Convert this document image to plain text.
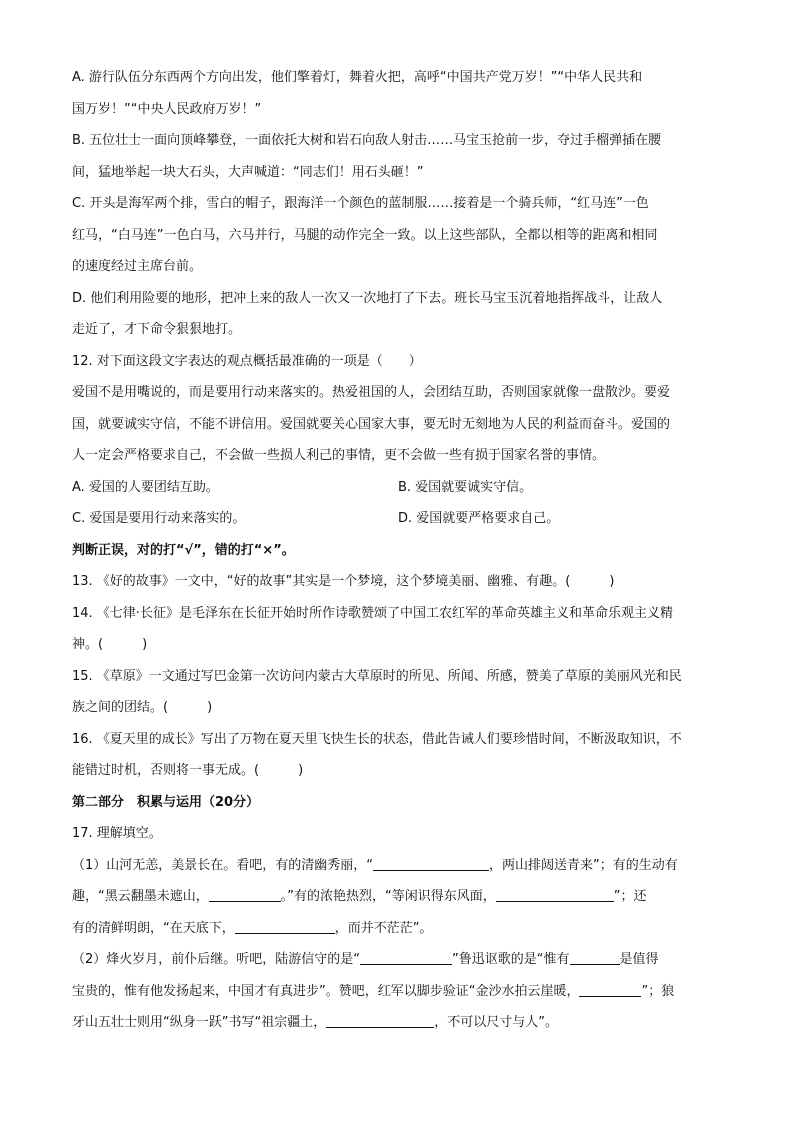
A. 游行队伍分东西两个方向出发，他们擎着灯，舞着火把，高呼“中国共产党万岁！”“中华人民共和

国万岁！”“中央人民政府万岁！”

B. 五位壮士一面向顶峰攀登，一面依托大树和岩石向敌人射击……马宝玉抢前一步，夺过手榴弹插在腰

间，猛地举起一块大石头，大声喊道：“同志们！用石头砸！”

C. 开头是海军两个排，雪白的帽子，跟海洋一个颜色的蓝制服……接着是一个骑兵师，“红马连”一色

红马，“白马连”一色白马，六马并行，马腿的动作完全一致。以上这些部队，全都以相等的距离和相同

的速度经过主席台前。

D. 他们利用险要的地形，把冲上来的敌人一次又一次地打了下去。班长马宝玉沉着地指挥战斗，让敌人

走近了，才下命令狠狠地打。

12. 对下面这段文字表达的观点概括最准确的一项是（　　）

爱国不是用嘴说的，而是要用行动来落实的。热爱祖国的人，会团结互助，否则国家就像一盘散沙。要爱

国，就要诚实守信，不能不讲信用。爱国就要关心国家大事，要无时无刻地为人民的利益而奋斗。爱国的

人一定会严格要求自己，不会做一些损人利己的事情，更不会做一些有损于国家名誉的事情。

A. 爱国的人要团结互助。	B. 爱国就要诚实守信。
C. 爱国是要用行动来落实的。	D. 爱国就要严格要求自己。

判断正误，对的打“√”，错的打“×”。

13. 《好的故事》一文中，“好的故事”其实是一个梦境，这个梦境美丽、幽雅、有趣。(　　　)

14. 《七律·长征》是毛泽东在长征开始时所作诗歌赞颂了中国工农红军的革命英雄主义和革命乐观主义精

神。(　　　)

15. 《草原》一文通过写巴金第一次访问内蒙古大草原时的所见、所闻、所感，赞美了草原的美丽风光和民

族之间的团结。(　　　)

16. 《夏天里的成长》写出了万物在夏天里飞快生长的状态，借此告诫人们要珍惜时间，不断汲取知识，不

能错过时机，否则将一事无成。(　　　)

第二部分　积累与运用（20分）

17. 理解填空。

（1）山河无恙，美景长在。看吧，有的清幽秀丽，“	，两山排闼送青来”；有的生动有

趣，“黑云翻墨未遮山，	。”有的浓艳热烈，“等闲识得东风面，	”；还

有的清鲜明朗，“在天底下，	，而并不茫茫”。

（2）烽火岁月，前仆后继。听吧，陆游信守的是“	”鲁迅讴歌的是“惟有	是值得

宝贵的，惟有他发扬起来，中国才有真进步”。赞吧，红军以脚步验证“金沙水拍云崖暖，	”；狼

牙山五壮士则用“纵身一跃”书写“祖宗疆土，	，不可以尺寸与人”。
